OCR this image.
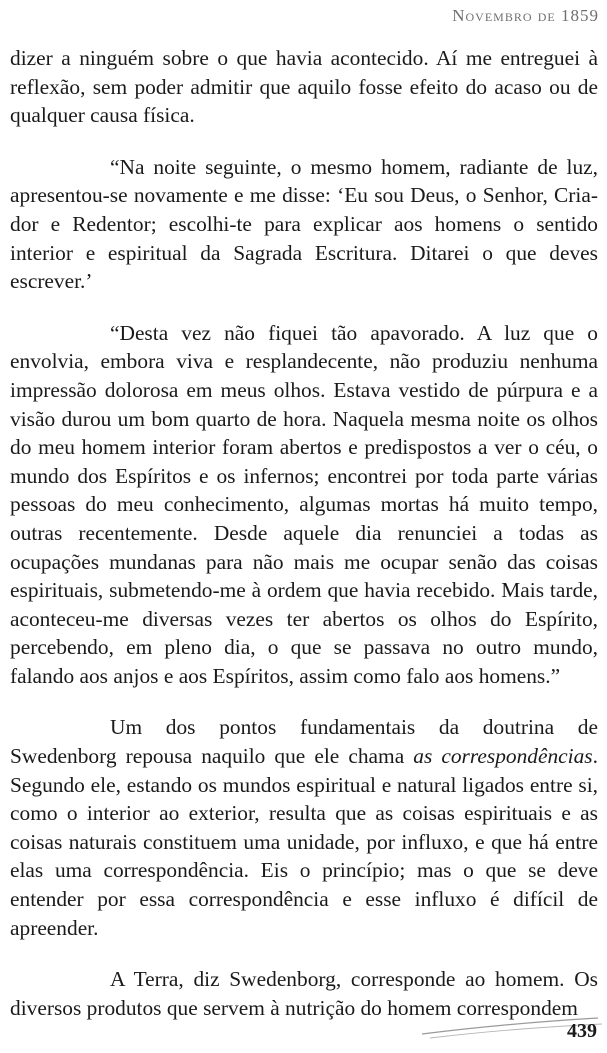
Novembro de 1859

dizer a ninguém sobre o que havia acontecido. Aí me entreguei à reflexão, sem poder admitir que aquilo fosse efeito do acaso ou de qualquer causa física.

“Na noite seguinte, o mesmo homem, radiante de luz, apresentou-se novamente e me disse: ‘Eu sou Deus, o Senhor, Criador e Redentor; escolhi-te para explicar aos homens o sentido interior e espiritual da Sagrada Escritura. Ditarei o que deves escrever.’

“Desta vez não fiquei tão apavorado. A luz que o envolvia, embora viva e resplandecente, não produziu nenhuma impressão dolorosa em meus olhos. Estava vestido de púrpura e a visão durou um bom quarto de hora. Naquela mesma noite os olhos do meu homem interior foram abertos e predispostos a ver o céu, o mundo dos Espíritos e os infernos; encontrei por toda parte várias pessoas do meu conhecimento, algumas mortas há muito tempo, outras recentemente. Desde aquele dia renunciei a todas as ocupações mundanas para não mais me ocupar senão das coisas espirituais, submetendo-me à ordem que havia recebido. Mais tarde, aconteceu-me diversas vezes ter abertos os olhos do Espírito, percebendo, em pleno dia, o que se passava no outro mundo, falando aos anjos e aos Espíritos, assim como falo aos homens.”

Um dos pontos fundamentais da doutrina de Swedenborg repousa naquilo que ele chama as correspondências. Segundo ele, estando os mundos espiritual e natural ligados entre si, como o interior ao exterior, resulta que as coisas espirituais e as coisas naturais constituem uma unidade, por influxo, e que há entre elas uma correspondência. Eis o princípio; mas o que se deve entender por essa correspondência e esse influxo é difícil de apreender.

A Terra, diz Swedenborg, corresponde ao homem. Os diversos produtos que servem à nutrição do homem correspondem

439
